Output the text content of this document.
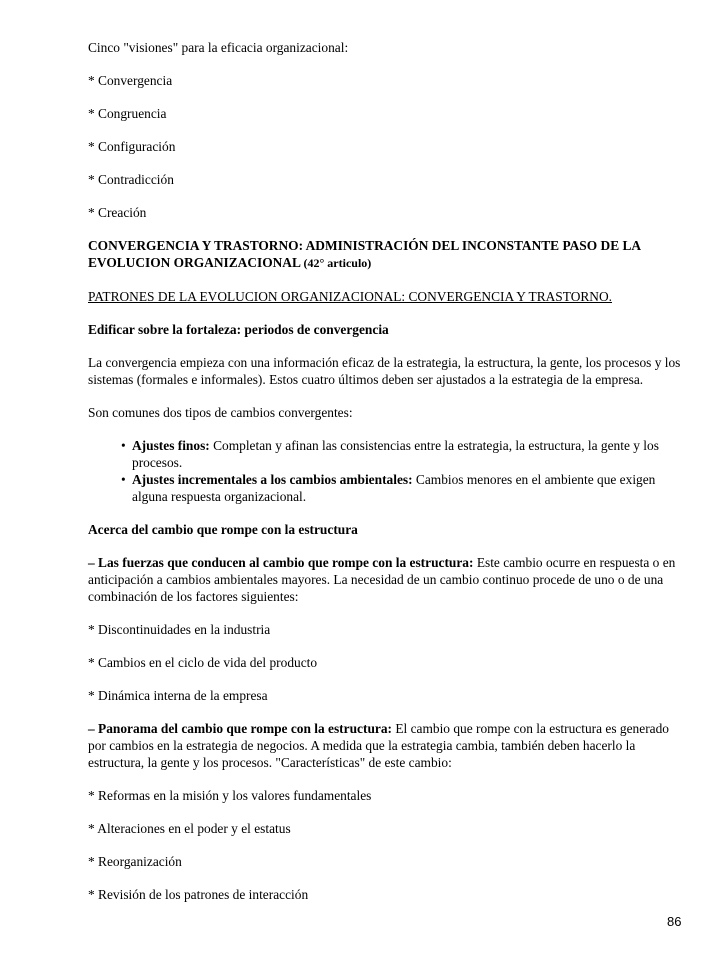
Cinco "visiones" para la eficacia organizacional:

* Convergencia

* Congruencia

* Configuración

* Contradicción

* Creación

CONVERGENCIA Y TRASTORNO: ADMINISTRACIÓN DEL INCONSTANTE PASO DE LA EVOLUCION ORGANIZACIONAL (42° articulo)

PATRONES DE LA EVOLUCION ORGANIZACIONAL: CONVERGENCIA Y TRASTORNO.

Edificar sobre la fortaleza: periodos de convergencia

La convergencia empieza con una información eficaz de la estrategia, la estructura, la gente, los procesos y los sistemas (formales e informales). Estos cuatro últimos deben ser ajustados a la estrategia de la empresa.

Son comunes dos tipos de cambios convergentes:

• Ajustes finos: Completan y afinan las consistencias entre la estrategia, la estructura, la gente y los procesos.
• Ajustes incrementales a los cambios ambientales: Cambios menores en el ambiente que exigen alguna respuesta organizacional.

Acerca del cambio que rompe con la estructura

– Las fuerzas que conducen al cambio que rompe con la estructura: Este cambio ocurre en respuesta o en anticipación a cambios ambientales mayores. La necesidad de un cambio continuo procede de uno o de una combinación de los factores siguientes:

* Discontinuidades en la industria

* Cambios en el ciclo de vida del producto

* Dinámica interna de la empresa

– Panorama del cambio que rompe con la estructura: El cambio que rompe con la estructura es generado por cambios en la estrategia de negocios. A medida que la estrategia cambia, también deben hacerlo la estructura, la gente y los procesos. "Características" de este cambio:

* Reformas en la misión y los valores fundamentales

* Alteraciones en el poder y el estatus

* Reorganización

* Revisión de los patrones de interacción

86
